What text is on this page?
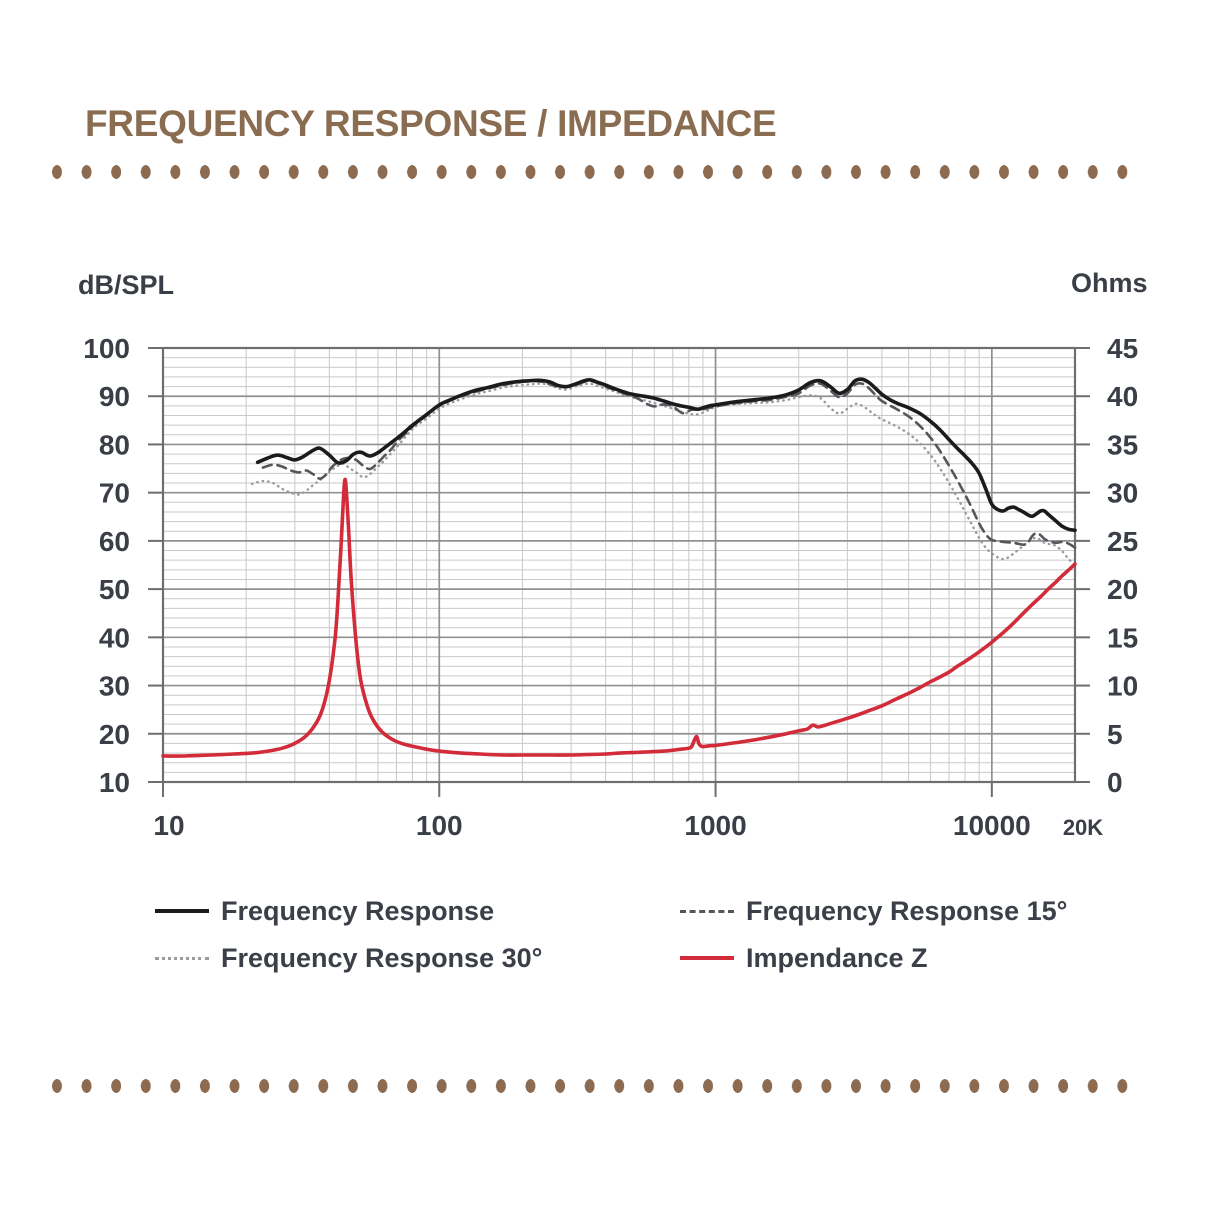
FREQUENCY RESPONSE / IMPEDANCE
dB/SPL	Ohms
100
90
80
70
60
50
40
30
20
10
45
40
35
30
25
20
15
10
5
0
10	100	1000	10000 20K
Frequency Response	Frequency Response 15°
Frequency Response 30°	Impendance Z
